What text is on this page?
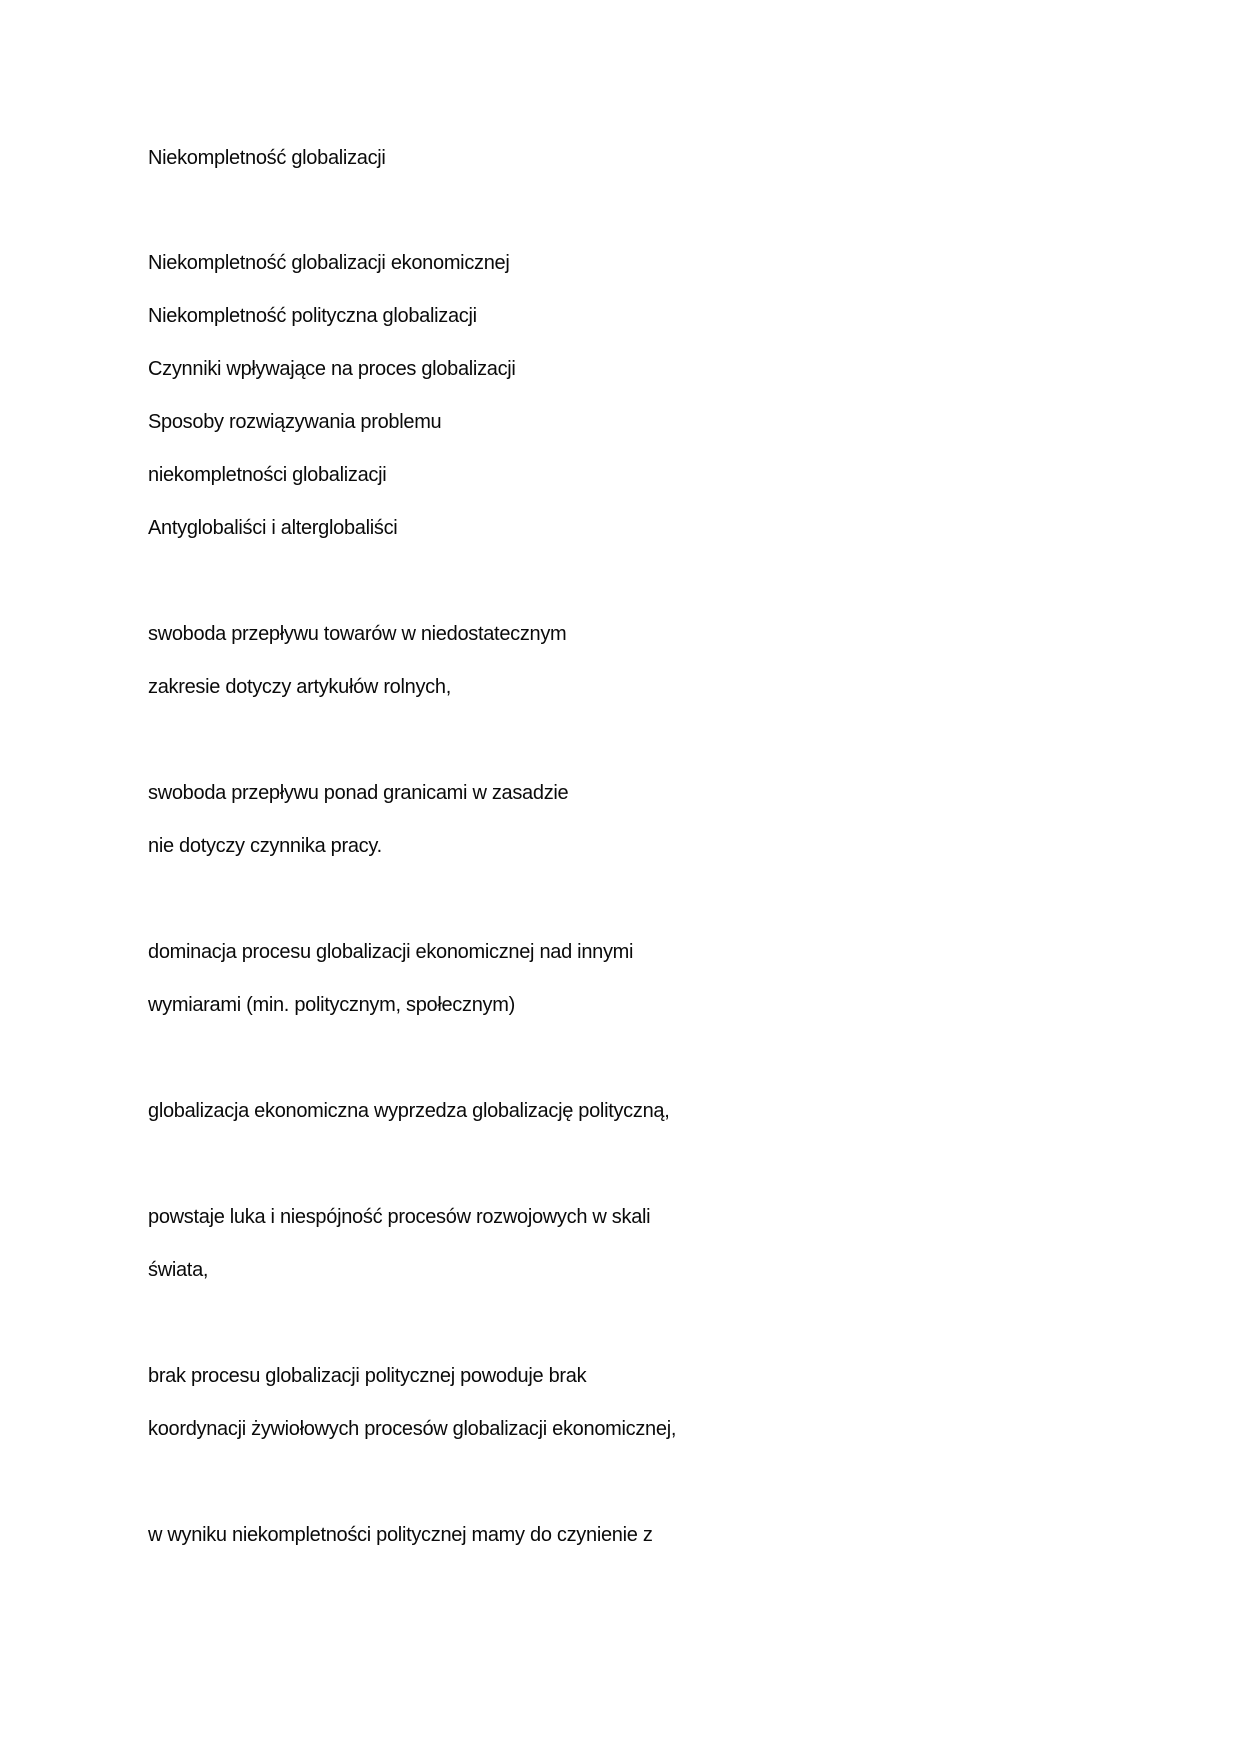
Niekompletność globalizacji
Niekompletność globalizacji ekonomicznej
Niekompletność polityczna globalizacji
Czynniki wpływające na proces globalizacji
Sposoby rozwiązywania problemu
niekompletności globalizacji
Antyglobaliści i alterglobaliści
swoboda przepływu towarów w niedostatecznym
zakresie dotyczy artykułów rolnych,
swoboda przepływu ponad granicami w zasadzie
nie dotyczy czynnika pracy.
dominacja procesu globalizacji ekonomicznej nad innymi
wymiarami (min. politycznym, społecznym)
globalizacja ekonomiczna wyprzedza globalizację polityczną,
powstaje luka i niespójność procesów rozwojowych w skali
świata,
brak procesu globalizacji politycznej powoduje brak
koordynacji żywiołowych procesów globalizacji ekonomicznej,
w wyniku niekompletności politycznej mamy do czynienie z
